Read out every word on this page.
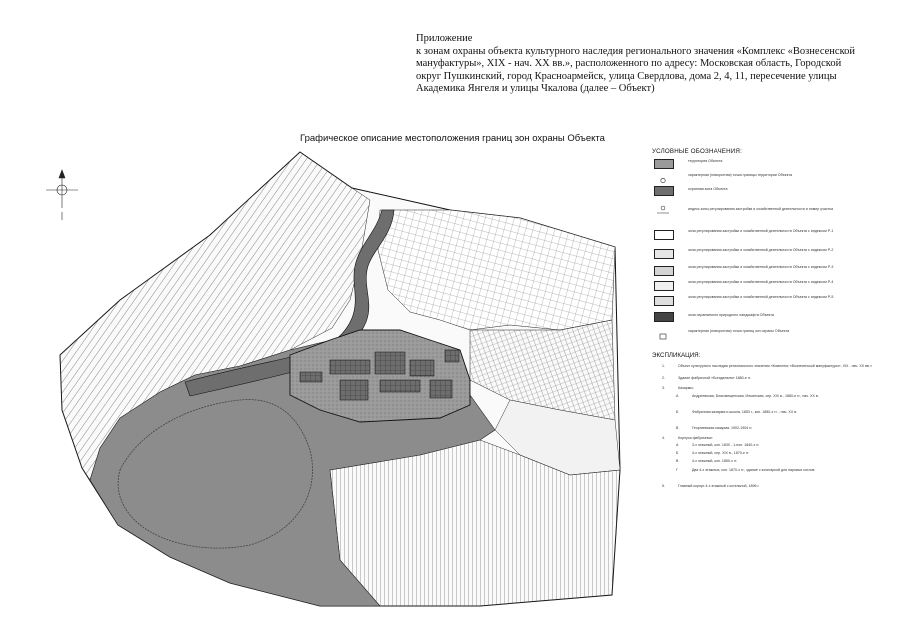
Приложение
к зонам охраны объекта культурного наследия регионального значения «Комплекс «Вознесенской
мануфактуры», XIX - нач. XX вв.», расположенного по адресу: Московская область, Городской
округ Пушкинский, город Красноармейск, улица Свердлова, дома 2, 4, 11, пересечение улицы
Академика Янгеля и улицы Чкалова (далее – Объект)
Графическое описание местоположения границ зон охраны Объекта
УСЛОВНЫЕ ОБОЗНАЧЕНИЯ:
территория Объекта
характерная (поворотная) точка границы территории Объекта
охранная зона Объекта
индекс зоны регулирования застройки и хозяйственной деятельности и номер участка
зона регулирования застройки и хозяйственной деятельности Объекта с индексом Р-1
зона регулирования застройки и хозяйственной деятельности Объекта с индексом Р-2
зона регулирования застройки и хозяйственной деятельности Объекта с индексом Р-3
зона регулирования застройки и хозяйственной деятельности Объекта с индексом Р-4
зона регулирования застройки и хозяйственной деятельности Объекта с индексом Р-5
зона охраняемого природного ландшафта Объекта
характерная (поворотная) точка границ зон охраны Объекта
ЭКСПЛИКАЦИЯ:
1.	Объект культурного наследия регионального значения «Комплекс «Вознесенской мануфактуры», XIX - нач. XX вв.»
2.	Здание фабричной «Богадельни» 1880-е гг.
3.	Казармы:
А	Андреевская, Благовещенская, Ильинская, сер. XIX в., 1880-е гг., нач. XX в.
Б	Фабричная казарма и школа, 1853 г., кон. 1880-х гг. - нач. XX в.
В	Георгиевская казарма, 1902-1904 гг.
4.	Корпуса фабричные:
А	3-х этажный, кон. 1830 - 1-пол. 1840-х гг.
Б	4-х этажный, сер. XIX в., 1870-е гг.
В	4-х этажный, кон. 1850-х гг.
Г	Два 4-х этажных, кон. 1870-х гг., здание с кочегаркой для паровых котлов
5.	Главный корпус 4-х этажный с котельной, 1896 г.
